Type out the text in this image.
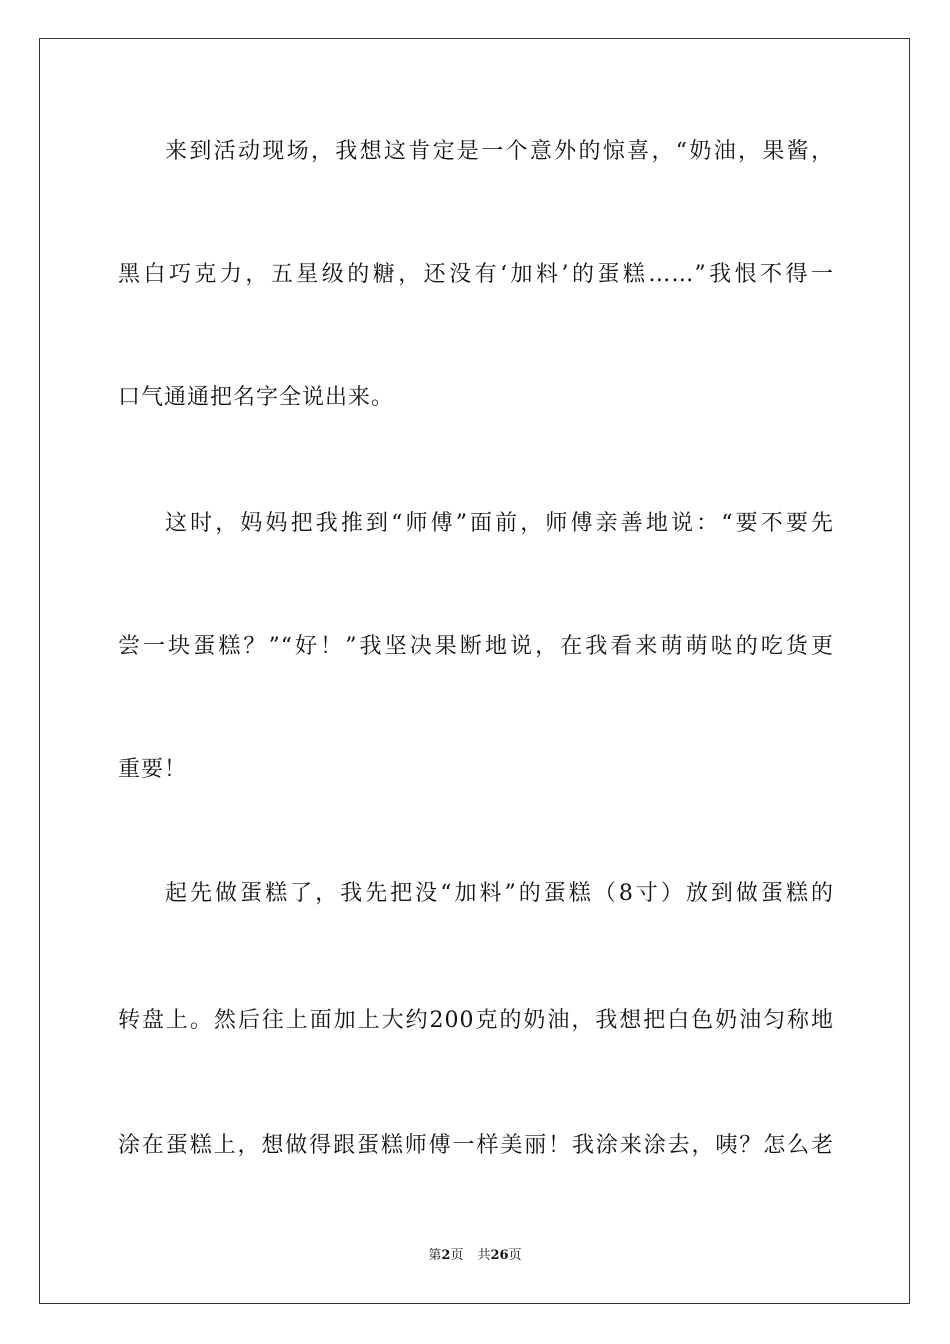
来到活动现场，我想这肯定是一个意外的惊喜，“奶油，果酱，
黑白巧克力，五星级的糖，还没有‘加料’的蛋糕……”我恨不得一
口气通通把名字全说出来。
这时，妈妈把我推到“师傅”面前，师傅亲善地说：“要不要先
尝一块蛋糕？”“好！”我坚决果断地说，在我看来萌萌哒的吃货更
重要！
起先做蛋糕了，我先把没“加料”的蛋糕（8寸）放到做蛋糕的
转盘上。然后往上面加上大约200克的奶油，我想把白色奶油匀称地
涂在蛋糕上，想做得跟蛋糕师傅一样美丽！我涂来涂去，咦？怎么老
第2页 共26页
